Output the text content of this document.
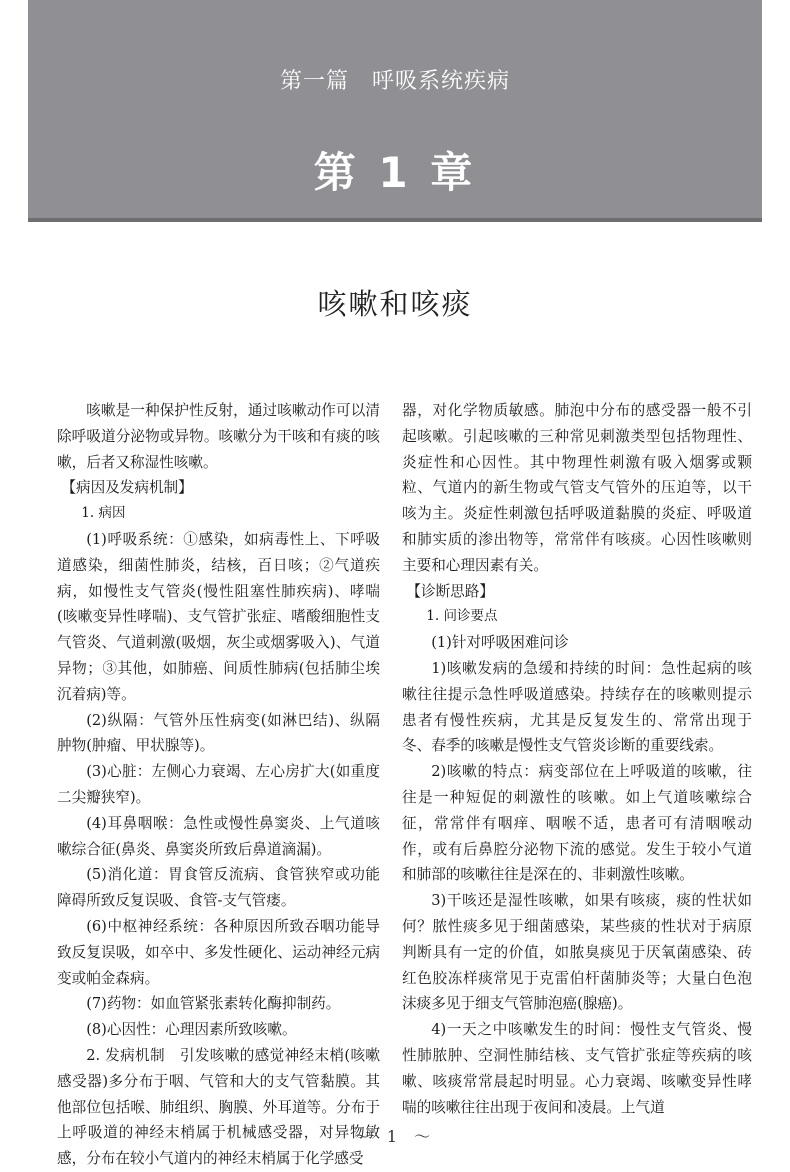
第一篇　呼吸系统疾病
第 1 章
咳嗽和咳痰

咳嗽是一种保护性反射，通过咳嗽动作可以清除呼吸道分泌物或异物。咳嗽分为干咳和有痰的咳嗽，后者又称湿性咳嗽。

【病因及发病机制】

1. 病因

(1)呼吸系统：①感染，如病毒性上、下呼吸道感染，细菌性肺炎，结核，百日咳；②气道疾病，如慢性支气管炎(慢性阻塞性肺疾病)、哮喘(咳嗽变异性哮喘)、支气管扩张症、嗜酸细胞性支气管炎、气道刺激(吸烟，灰尘或烟雾吸入)、气道异物；③其他，如肺癌、间质性肺病(包括肺尘埃沉着病)等。

(2)纵隔：气管外压性病变(如淋巴结)、纵隔肿物(肿瘤、甲状腺等)。

(3)心脏：左侧心力衰竭、左心房扩大(如重度二尖瓣狭窄)。

(4)耳鼻咽喉：急性或慢性鼻窦炎、上气道咳嗽综合征(鼻炎、鼻窦炎所致后鼻道滴漏)。

(5)消化道：胃食管反流病、食管狭窄或功能障碍所致反复误吸、食管-支气管瘘。

(6)中枢神经系统：各种原因所致吞咽功能导致反复误吸，如卒中、多发性硬化、运动神经元病变或帕金森病。

(7)药物：如血管紧张素转化酶抑制药。

(8)心因性：心理因素所致咳嗽。

2. 发病机制　引发咳嗽的感觉神经末梢(咳嗽感受器)多分布于咽、气管和大的支气管黏膜。其他部位包括喉、肺组织、胸膜、外耳道等。分布于上呼吸道的神经末梢属于机械感受器，对异物敏感，分布在较小气道内的神经末梢属于化学感受

器，对化学物质敏感。肺泡中分布的感受器一般不引起咳嗽。引起咳嗽的三种常见刺激类型包括物理性、炎症性和心因性。其中物理性刺激有吸入烟雾或颗粒、气道内的新生物或气管支气管外的压迫等，以干咳为主。炎症性刺激包括呼吸道黏膜的炎症、呼吸道和肺实质的渗出物等，常常伴有咳痰。心因性咳嗽则主要和心理因素有关。

【诊断思路】

1. 问诊要点

(1)针对呼吸困难问诊

1)咳嗽发病的急缓和持续的时间：急性起病的咳嗽往往提示急性呼吸道感染。持续存在的咳嗽则提示患者有慢性疾病，尤其是反复发生的、常常出现于冬、春季的咳嗽是慢性支气管炎诊断的重要线索。

2)咳嗽的特点：病变部位在上呼吸道的咳嗽，往往是一种短促的刺激性的咳嗽。如上气道咳嗽综合征，常常伴有咽痒、咽喉不适，患者可有清咽喉动作，或有后鼻腔分泌物下流的感觉。发生于较小气道和肺部的咳嗽往往是深在的、非刺激性咳嗽。

3)干咳还是湿性咳嗽，如果有咳痰，痰的性状如何？脓性痰多见于细菌感染，某些痰的性状对于病原判断具有一定的价值，如脓臭痰见于厌氧菌感染、砖红色胶冻样痰常见于克雷伯杆菌肺炎等；大量白色泡沫痰多见于细支气管肺泡癌(腺癌)。

4)一天之中咳嗽发生的时间：慢性支气管炎、慢性肺脓肿、空洞性肺结核、支气管扩张症等疾病的咳嗽、咳痰常常晨起时明显。心力衰竭、咳嗽变异性哮喘的咳嗽往往出现于夜间和凌晨。上气道

～ 1 ～
